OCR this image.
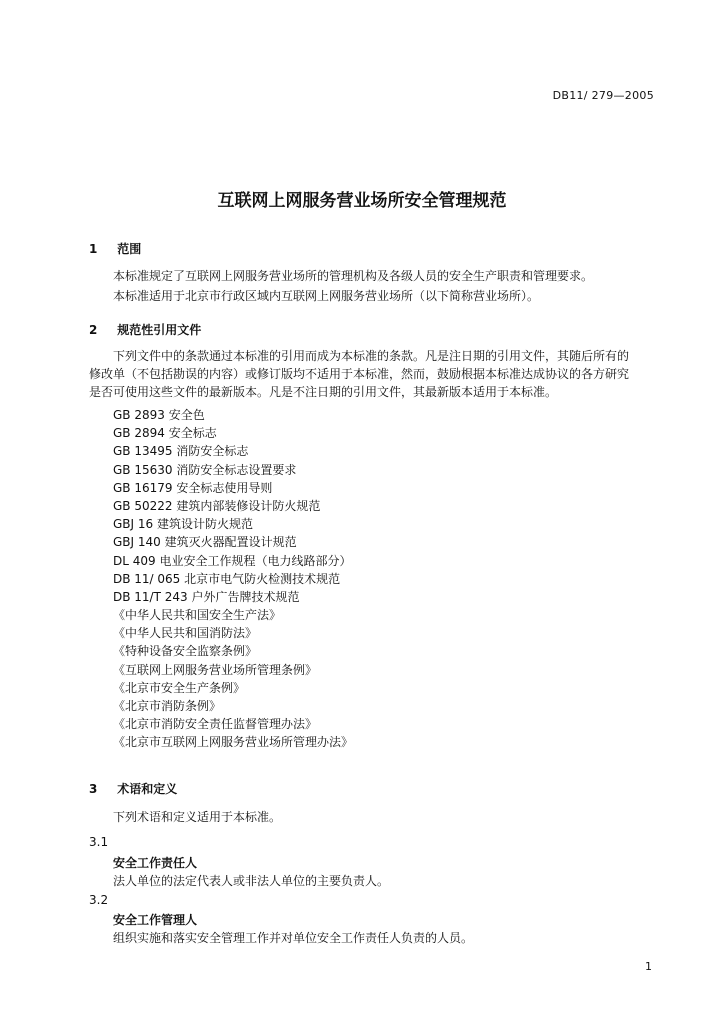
DB11/ 279—2005
互联网上网服务营业场所安全管理规范
1 范围
本标准规定了互联网上网服务营业场所的管理机构及各级人员的安全生产职责和管理要求。
本标准适用于北京市行政区域内互联网上网服务营业场所（以下简称营业场所）。
2 规范性引用文件
下列文件中的条款通过本标准的引用而成为本标准的条款。凡是注日期的引用文件，其随后所有的
修改单（不包括勘误的内容）或修订版均不适用于本标准，然而，鼓励根据本标准达成协议的各方研究
是否可使用这些文件的最新版本。凡是不注日期的引用文件，其最新版本适用于本标准。
GB 2893 安全色
GB 2894 安全标志
GB 13495 消防安全标志
GB 15630 消防安全标志设置要求
GB 16179 安全标志使用导则
GB 50222 建筑内部装修设计防火规范
GBJ 16 建筑设计防火规范
GBJ 140 建筑灭火器配置设计规范
DL 409 电业安全工作规程（电力线路部分）
DB 11/ 065 北京市电气防火检测技术规范
DB 11/T 243 户外广告牌技术规范
《中华人民共和国安全生产法》
《中华人民共和国消防法》
《特种设备安全监察条例》
《互联网上网服务营业场所管理条例》
《北京市安全生产条例》
《北京市消防条例》
《北京市消防安全责任监督管理办法》
《北京市互联网上网服务营业场所管理办法》
3 术语和定义
下列术语和定义适用于本标准。
3.1
安全工作责任人
法人单位的法定代表人或非法人单位的主要负责人。
3.2
安全工作管理人
组织实施和落实安全管理工作并对单位安全工作责任人负责的人员。
1
